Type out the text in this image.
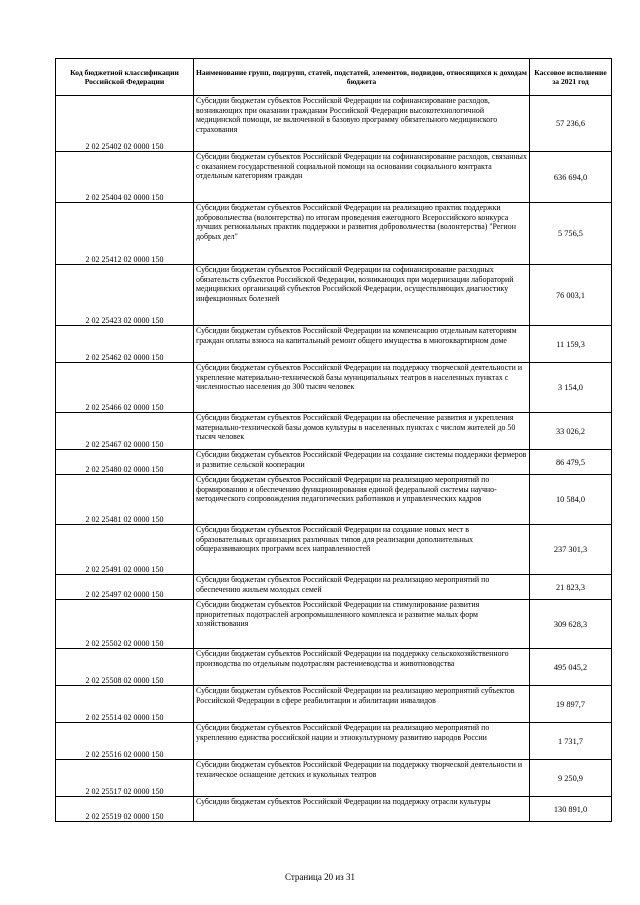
Код бюджетной классификации Российской Федерации	Наименование групп, подгрупп, статей, подстатей, элементов, подвидов, относящихся к доходам бюджета	Кассовое исполнение за 2021 год
2 02 25402 02 0000 150	Субсидии бюджетам субъектов Российской Федерации на софинансирование расходов, возникающих при оказании гражданам Российской Федерации высокотехнологичной медицинской помощи, не включенной в базовую программу обязательного медицинского страхования	57 236,6
2 02 25404 02 0000 150	Субсидии бюджетам субъектов Российской Федерации на софинансирование расходов, связанных с оказанием государственной социальной помощи на основании социального контракта отдельным категориям граждан	636 694,0
2 02 25412 02 0000 150	Субсидии бюджетам субъектов Российской Федерации на реализацию практик поддержки добровольчества (волонтерства) по итогам проведения ежегодного Всероссийского конкурса лучших региональных практик поддержки и развития добровольчества (волонтерства) "Регион добрых дел"	5 756,5
2 02 25423 02 0000 150	Субсидии бюджетам субъектов Российской Федерации на софинансирование расходных обязательств субъектов Российской Федерации, возникающих при модернизации лабораторий медицинских организаций субъектов Российской Федерации, осуществляющих диагностику инфекционных болезней	76 003,1
2 02 25462 02 0000 150	Субсидии бюджетам субъектов Российской Федерации на компенсацию отдельным категориям граждан оплаты взноса на капитальный ремонт общего имущества в многоквартирном доме	11 159,3
2 02 25466 02 0000 150	Субсидии бюджетам субъектов Российской Федерации на поддержку творческой деятельности и укрепление материально-технической базы муниципальных театров в населенных пунктах с численностью населения до 300 тысяч человек	3 154,0
2 02 25467 02 0000 150	Субсидии бюджетам субъектов Российской Федерации на обеспечение развития и укрепления материально-технической базы домов культуры в населенных пунктах с числом жителей до 50 тысяч человек	33 026,2
2 02 25480 02 0000 150	Субсидии бюджетам субъектов Российской Федерации на создание системы поддержки фермеров и развитие сельской кооперации	86 479,5
2 02 25481 02 0000 150	Субсидии бюджетам субъектов Российской Федерации на реализацию мероприятий по формированию и обеспечению функционирования единой федеральной системы научно-методического сопровождения педагогических работников и управленческих кадров	10 584,0
2 02 25491 02 0000 150	Субсидии бюджетам субъектов Российской Федерации на создание новых мест в образовательных организациях различных типов для реализации дополнительных общеразвивающих программ всех направленностей	237 301,3
2 02 25497 02 0000 150	Субсидии бюджетам субъектов Российской Федерации на реализацию мероприятий по обеспечению жильем молодых семей	21 823,3
2 02 25502 02 0000 150	Субсидии бюджетам субъектов Российской Федерации на стимулирование развития приоритетных подотраслей агропромышленного комплекса и развитие малых форм хозяйствования	309 628,3
2 02 25508 02 0000 150	Субсидии бюджетам субъектов Российской Федерации на поддержку сельскохозяйственного производства по отдельным подотраслям растениеводства и животноводства	495 045,2
2 02 25514 02 0000 150	Субсидии бюджетам субъектов Российской Федерации на реализацию мероприятий субъектов Российской Федерации в сфере реабилитации и абилитации инвалидов	19 897,7
2 02 25516 02 0000 150	Субсидии бюджетам субъектов Российской Федерации на реализацию мероприятий по укреплению единства российской нации и этнокультурному развитию народов России	1 731,7
2 02 25517 02 0000 150	Субсидии бюджетам субъектов Российской Федерации на поддержку творческой деятельности и техническое оснащение детских и кукольных театров	9 250,9
2 02 25519 02 0000 150	Субсидии бюджетам субъектов Российской Федерации на поддержку отрасли культуры	130 891,0
Страница 20 из 31
